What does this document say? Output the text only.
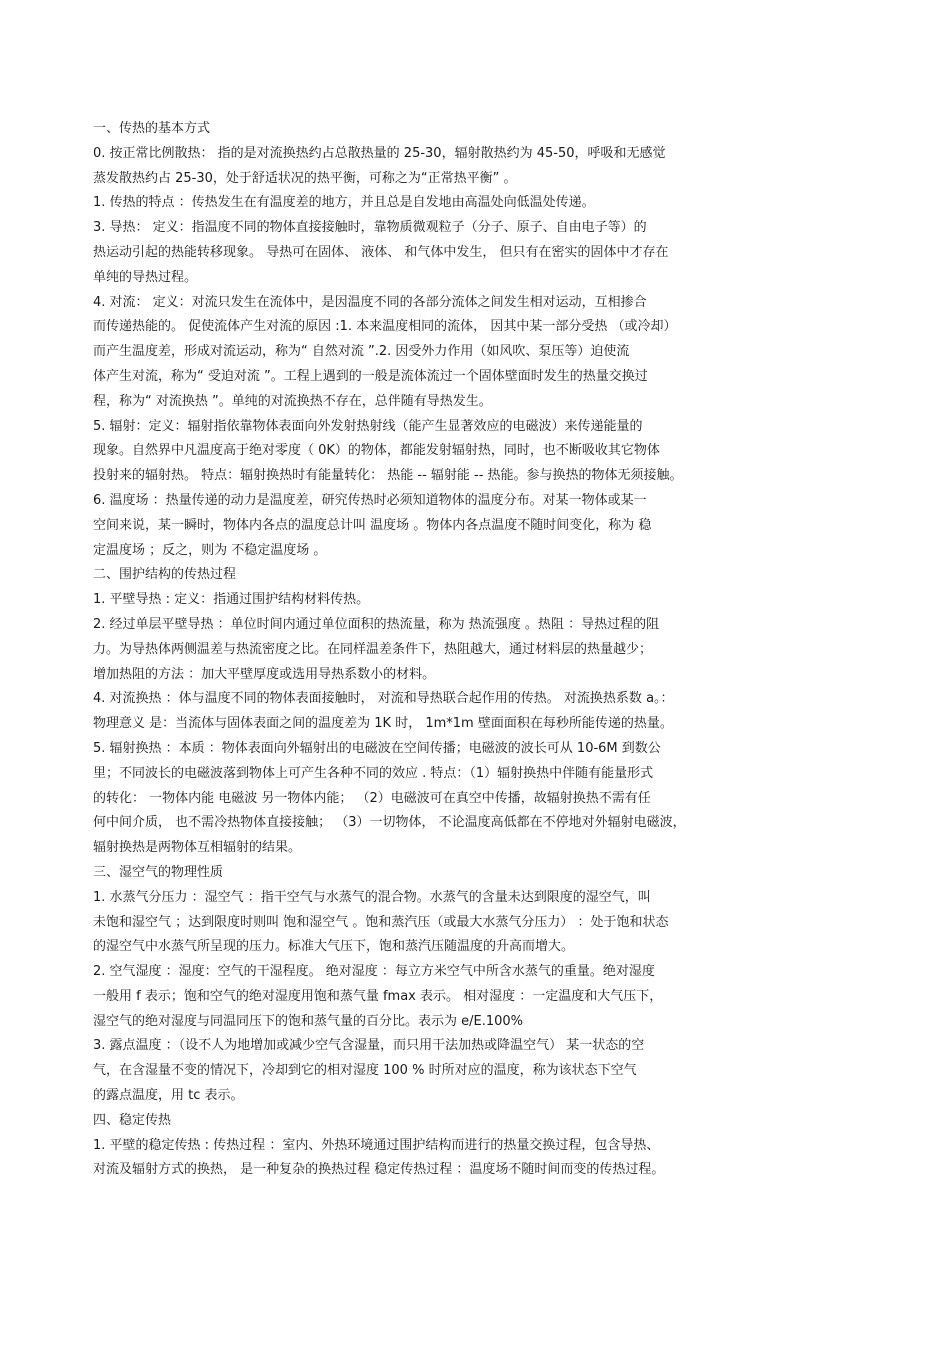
一、传热的基本方式
0. 按正常比例散热： 指的是对流换热约占总散热量的 25-30，辐射散热约为 45-50，呼吸和无感觉
蒸发散热约占 25-30，处于舒适状况的热平衡，可称之为“正常热平衡” 。
1. 传热的特点 ：传热发生在有温度差的地方，并且总是自发地由高温处向低温处传递。
3. 导热： 定义：指温度不同的物体直接接触时，靠物质微观粒子（分子、原子、自由电子等）的
热运动引起的热能转移现象。 导热可在固体、 液体、 和气体中发生， 但只有在密实的固体中才存在
单纯的导热过程。
4. 对流： 定义：对流只发生在流体中，是因温度不同的各部分流体之间发生相对运动，互相掺合
而传递热能的。 促使流体产生对流的原因 :1. 本来温度相同的流体， 因其中某一部分受热 （或冷却）
而产生温度差，形成对流运动，称为“ 自然对流 ”.2. 因受外力作用（如风吹、泵压等）迫使流
体产生对流，称为“ 受迫对流 ”。工程上遇到的一般是流体流过一个固体壁面时发生的热量交换过
程，称为“ 对流换热 ”。单纯的对流换热不存在，总伴随有导热发生。
5. 辐射：定义：辐射指依靠物体表面向外发射热射线（能产生显著效应的电磁波）来传递能量的
现象。自然界中凡温度高于绝对零度（ 0K）的物体，都能发射辐射热，同时，也不断吸收其它物体
投射来的辐射热。 特点：辐射换热时有能量转化： 热能 -- 辐射能 -- 热能。参与换热的物体无须接触。
6. 温度场 ：热量传递的动力是温度差，研究传热时必须知道物体的温度分布。对某一物体或某一
空间来说，某一瞬时，物体内各点的温度总计叫 温度场 。物体内各点温度不随时间变化，称为 稳
定温度场 ；反之，则为 不稳定温度场 。
二、围护结构的传热过程
1. 平壁导热 : 定义：指通过围护结构材料传热。
2. 经过单层平壁导热 ：单位时间内通过单位面积的热流量，称为 热流强度 。热阻 ：导热过程的阻
力。为导热体两侧温差与热流密度之比。在同样温差条件下，热阻越大，通过材料层的热量越少；
增加热阻的方法 ：加大平壁厚度或选用导热系数小的材料。
4. 对流换热 ：体与温度不同的物体表面接触时， 对流和导热联合起作用的传热。 对流换热系数 a。：
物理意义 是：当流体与固体表面之间的温度差为 1K 时， 1m*1m 壁面面积在每秒所能传递的热量。
5. 辐射换热 ：本质 ：物体表面向外辐射出的电磁波在空间传播；电磁波的波长可从 10-6M 到数公
里；不同波长的电磁波落到物体上可产生各种不同的效应 . 特点：（1）辐射换热中伴随有能量形式
的转化： 一物体内能 电磁波 另一物体内能； （2）电磁波可在真空中传播，故辐射换热不需有任
何中间介质， 也不需冷热物体直接接触； （3）一切物体， 不论温度高低都在不停地对外辐射电磁波，
辐射换热是两物体互相辐射的结果。
三、湿空气的物理性质
1. 水蒸气分压力 ：湿空气 ：指干空气与水蒸气的混合物。水蒸气的含量未达到限度的湿空气，叫
未饱和湿空气 ；达到限度时则叫 饱和湿空气 。饱和蒸汽压（或最大水蒸气分压力） ：处于饱和状态
的湿空气中水蒸气所呈现的压力。标准大气压下，饱和蒸汽压随温度的升高而增大。
2. 空气湿度 ：湿度：空气的干湿程度。 绝对湿度 ：每立方米空气中所含水蒸气的重量。绝对湿度
一般用 f 表示；饱和空气的绝对湿度用饱和蒸气量 fmax 表示。 相对湿度 ：一定温度和大气压下，
湿空气的绝对湿度与同温同压下的饱和蒸气量的百分比。表示为 e/E.100%
3. 露点温度 ：（设不人为地增加或减少空气含湿量，而只用干法加热或降温空气） 某一状态的空
气，在含湿量不变的情况下，冷却到它的相对湿度 100 % 时所对应的温度，称为该状态下空气
的露点温度，用 tc 表示。
四、稳定传热
1. 平壁的稳定传热 : 传热过程 ：室内、外热环境通过围护结构而进行的热量交换过程，包含导热、
对流及辐射方式的换热， 是一种复杂的换热过程 稳定传热过程 ：温度场不随时间而变的传热过程。
